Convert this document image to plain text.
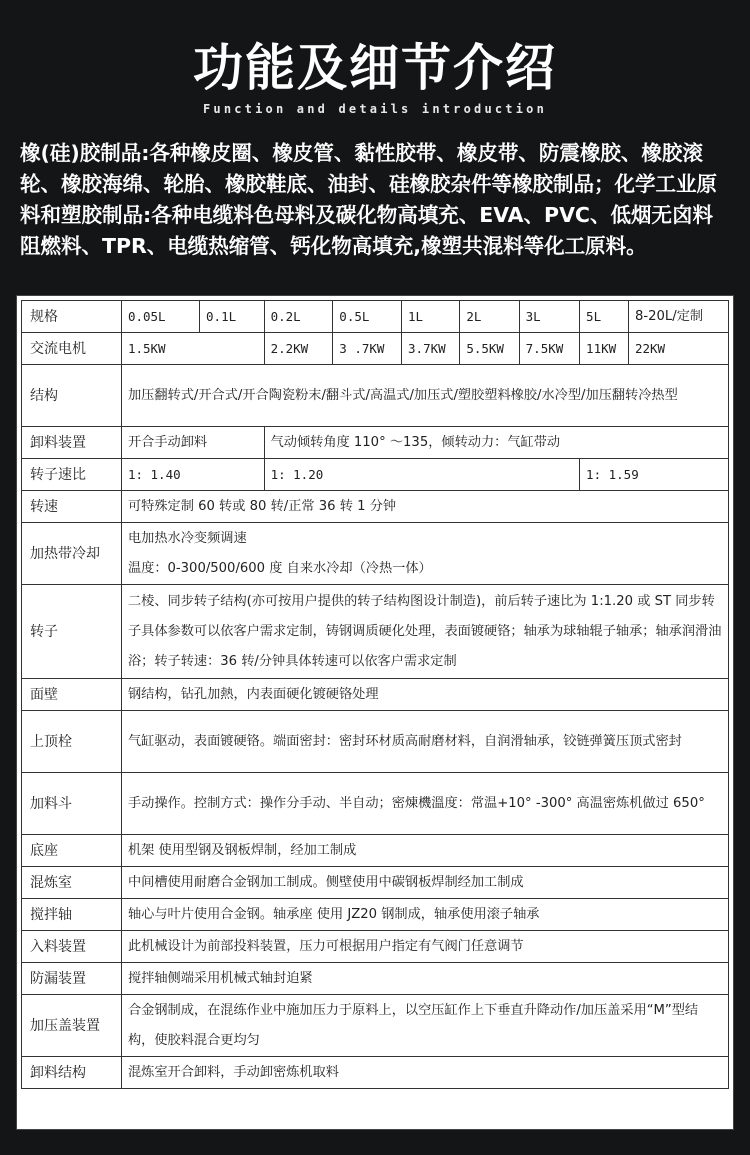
功能及细节介绍
Function and details introduction
橡(硅)胶制品:各种橡皮圈、橡皮管、黏性胶带、橡皮带、防震橡胶、橡胶滚轮、橡胶海绵、轮胎、橡胶鞋底、油封、硅橡胶杂件等橡胶制品；化学工业原料和塑胶制品:各种电缆料色母料及碳化物高填充、EVA、PVC、低烟无囟料阻燃料、TPR、电缆热缩管、钙化物高填充,橡塑共混料等化工原料。
规格	0.05L	0.1L	0.2L	0.5L	1L	2L	3L	5L	8-20L/定制
交流电机	1.5KW		2.2KW	3 .7KW	3.7KW	5.5KW	7.5KW	11KW	22KW
结构	加压翻转式/开合式/开合陶瓷粉末/翻斗式/高温式/加压式/塑胶塑料橡胶/水冷型/加压翻转冷热型								
卸料装置	开合手动卸料		气动倾转角度 110° ～135，倾转动力：气缸带动						
转子速比	1: 1.40		1: 1.20					1: 1.59	
转速	可特殊定制 60 转或 80 转/正常 36 转 1 分钟								
加热带冷却	电加热水冷变频调速
温度：0-300/500/600 度 自来水冷却（冷热一体）								

转子	二棱、同步转子结构(亦可按用户提供的转子结构图设计制造)，前后转子速比为 1:1.20 或 ST 同步转子具体参数可以依客户需求定制，铸钢调质硬化处理，表面镀硬铬；轴承为球轴辊子轴承；轴承润滑油浴；转子转速：36 转/分钟具体转速可以依客户需求定制								
面壁	钢结构，钻孔加熱，内表面硬化镀硬铬处理								
上顶栓	气缸驱动，表面镀硬铬。端面密封：密封环材质高耐磨材料，自润滑轴承，铰链弹簧压顶式密封								
加料斗	手动操作。控制方式：操作分手动、半自动；密煉機溫度：常温+10° -300° 高温密炼机做过 650°								
底座	机架 使用型钢及钢板焊制，经加工制成								
混炼室	中间槽使用耐磨合金钢加工制成。侧壁使用中碳钢板焊制经加工制成								
搅拌轴	轴心与叶片使用合金钢。轴承座 使用 JZ20 钢制成，轴承使用滚子轴承								
入料装置	此机械设计为前部投料装置，压力可根据用户指定有气阀门任意调节								
防漏装置	搅拌轴侧端采用机械式轴封迫紧								
加压盖装置	合金钢制成，在混练作业中施加压力于原料上，以空压缸作上下垂直升降动作/加压盖采用“M”型结构，使胶料混合更均匀								
卸料结构	混炼室开合卸料，手动卸密炼机取料								
